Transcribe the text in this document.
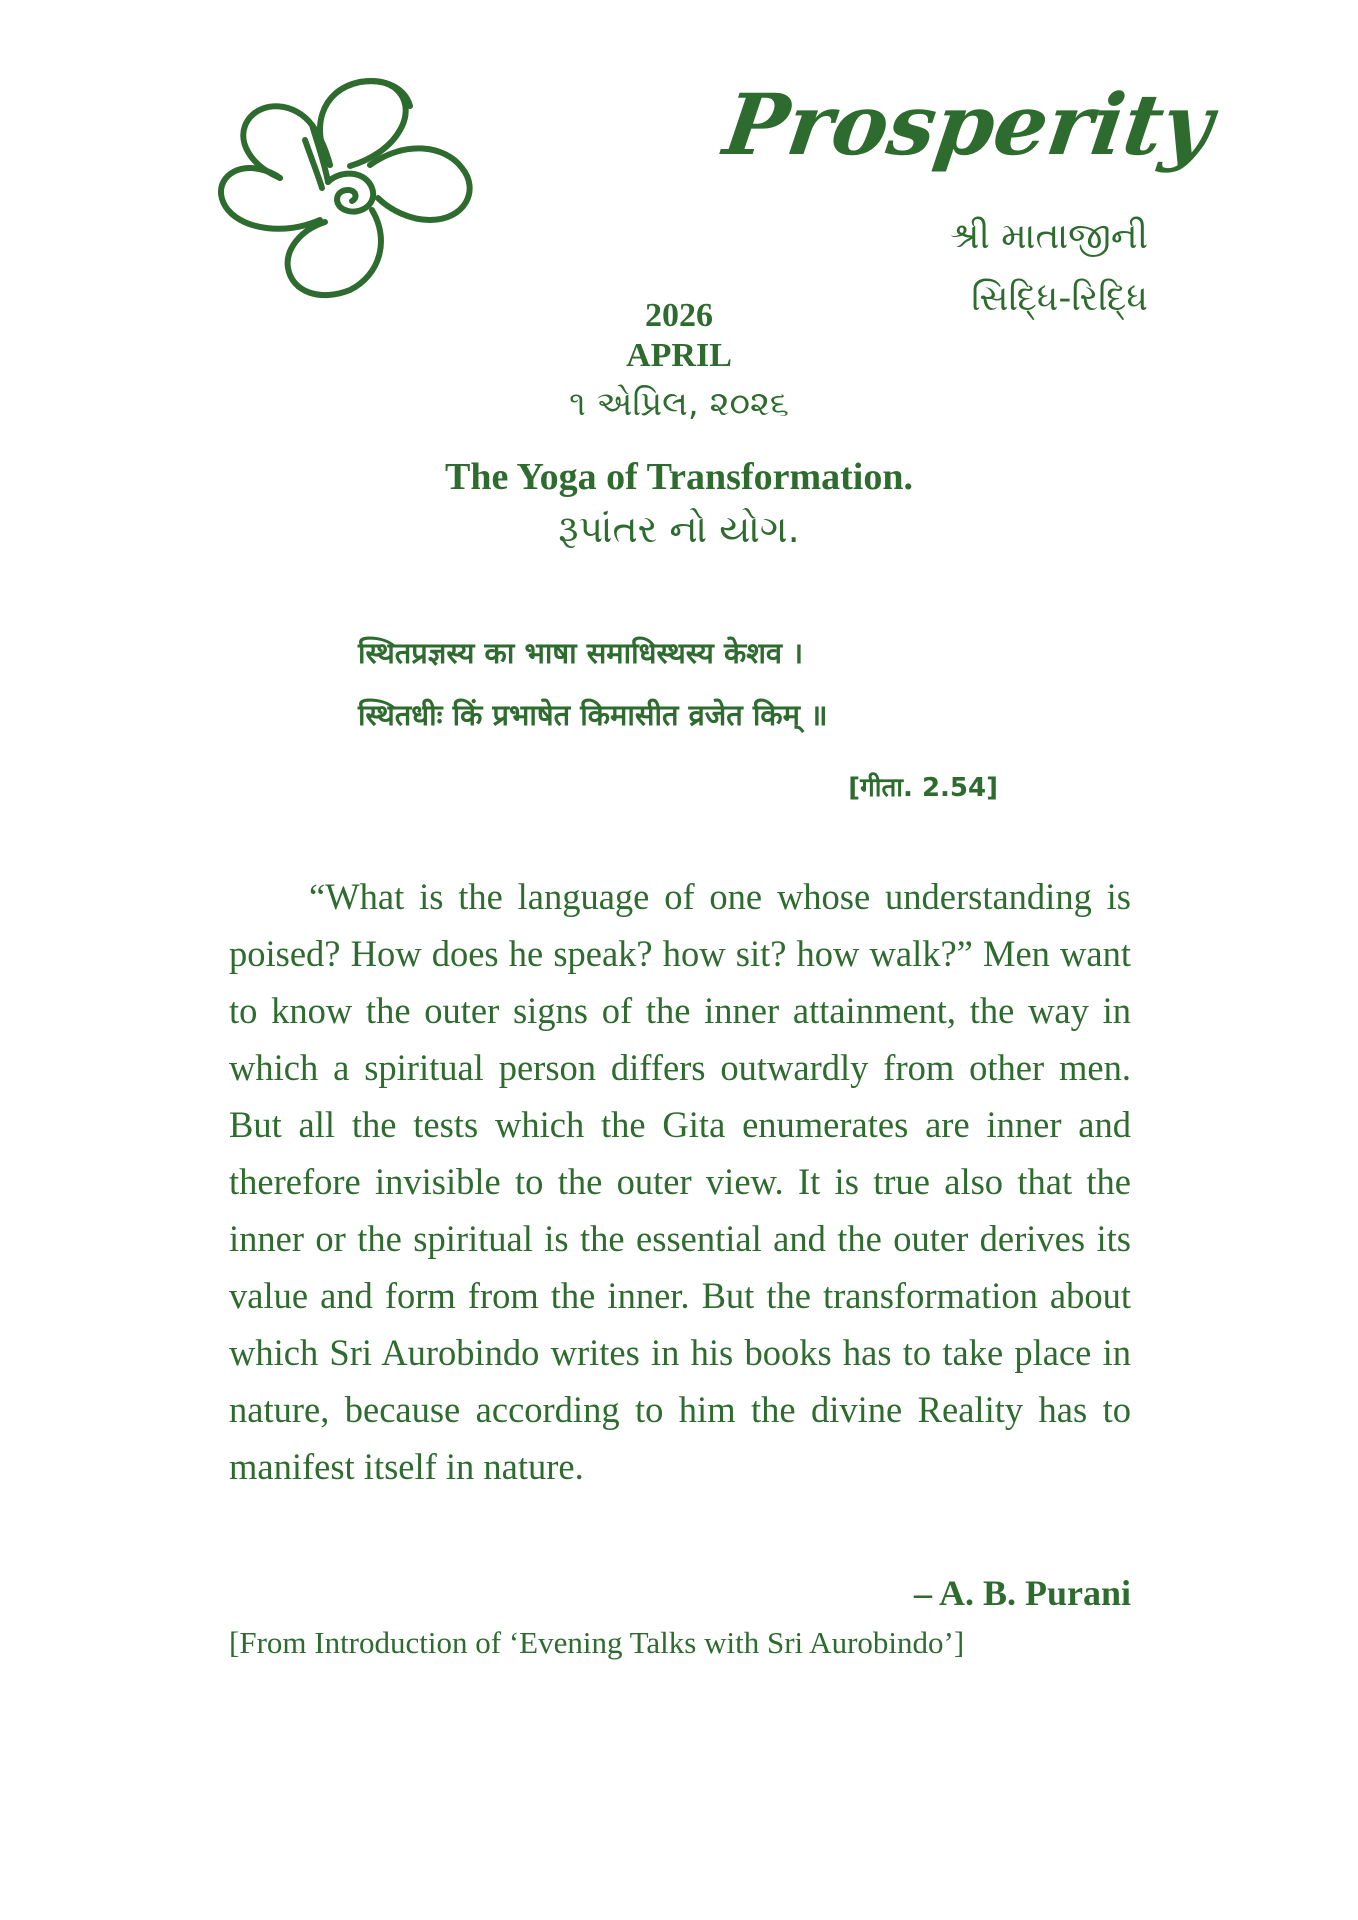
Prosperity
શ્રી માતાજીની
સિદ્ધિ-રિદ્ધિ
2026
APRIL
૧ એપ્રિલ, ૨૦૨૬
The Yoga of Transformation.
રૂપાંતર નો યોગ.
स्थितप्रज्ञस्य का भाषा समाधिस्थस्य केशव ।
स्थितधीः किं प्रभाषेत किमासीत व्रजेत किम् ॥
[गीता. 2.54]

“What is the language of one whose understanding is poised? How does he speak? how sit? how walk?” Men want to know the outer signs of the inner attainment, the way in which a spiritual person differs outwardly from other men. But all the tests which the Gita enumerates are inner and therefore invisible to the outer view. It is true also that the inner or the spiritual is the essential and the outer derives its value and form from the inner. But the transformation about which Sri Aurobindo writes in his books has to take place in nature, because according to him the divine Reality has to manifest itself in nature.

– A. B. Purani
[From Introduction of ‘Evening Talks with Sri Aurobindo’]
